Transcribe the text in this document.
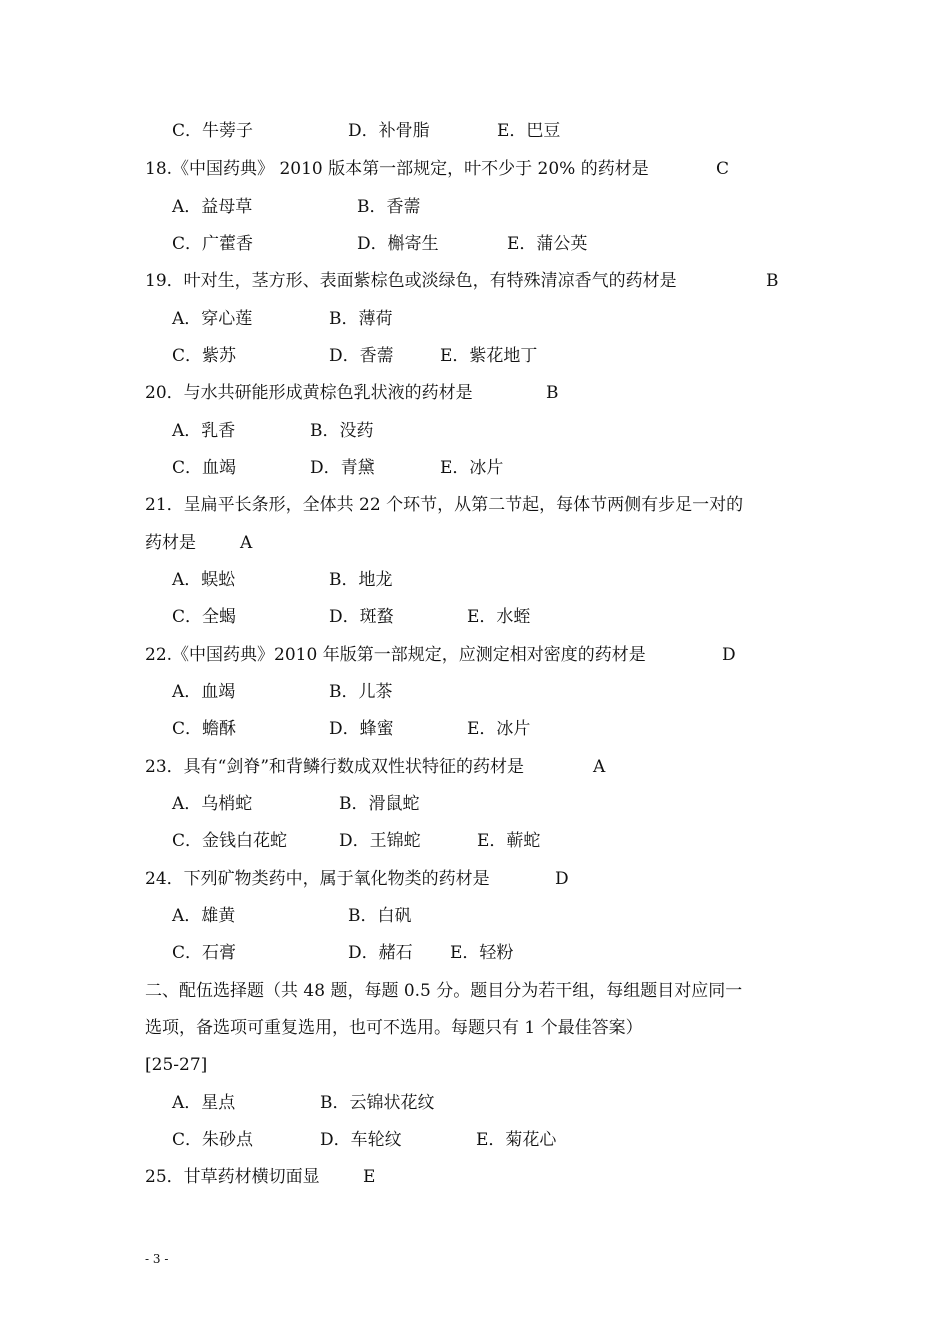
C．牛蒡子	D．补骨脂	E．巴豆
18.《中国药典》 2010 版本第一部规定，叶不少于 20% 的药材是	C
A．益母草	B．香薷
C．广藿香	D．槲寄生	E．蒲公英
19．叶对生，茎方形、表面紫棕色或淡绿色，有特殊清凉香气的药材是	B
A．穿心莲	B．薄荷
C．紫苏	D．香薷	E．紫花地丁
20．与水共研能形成黄棕色乳状液的药材是	B
A．乳香	B．没药
C．血竭	D．青黛	E．冰片
21．呈扁平长条形，全体共 22 个环节，从第二节起，每体节两侧有步足一对的
药材是	A
A．蜈蚣	B．地龙
C．全蝎	D．斑蝥	E．水蛭
22.《中国药典》2010 年版第一部规定，应测定相对密度的药材是	D
A．血竭	B．儿茶
C．蟾酥	D．蜂蜜	E．冰片
23．具有“剑脊”和背鳞行数成双性状特征的药材是	A
A．乌梢蛇	B．滑鼠蛇
C．金钱白花蛇	D．王锦蛇	E．蕲蛇
24．下列矿物类药中，属于氧化物类的药材是	D
A．雄黄	B．白矾
C．石膏	D．赭石 E．轻粉
二、配伍选择题（共 48 题，每题 0.5 分。题目分为若干组，每组题目对应同一
选项，备选项可重复选用，也可不选用。每题只有 1 个最佳答案）
[25-27]
A．星点	B．云锦状花纹
C．朱砂点	D．车轮纹	E．菊花心
25．甘草药材横切面显	E
- 3 -
